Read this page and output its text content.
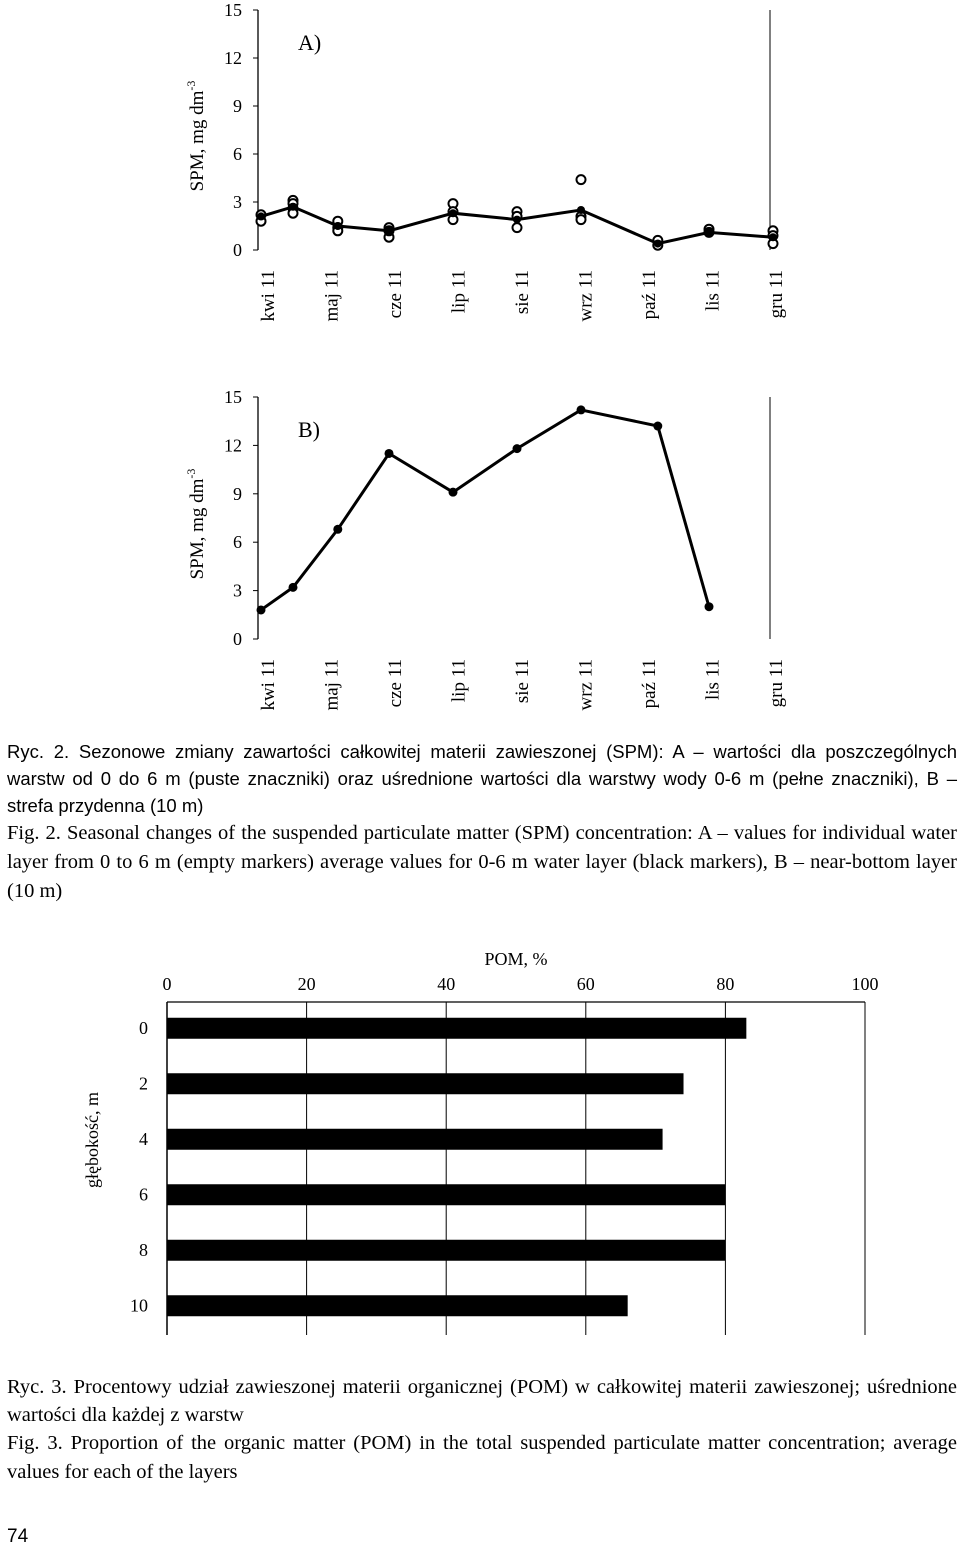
15
12
9
6
3
0
SPM, mg $dm^{-3}$
A)
kwi 11 maj 11 cze 11 lip 11 sie 11 wrz 11 paź 11 lis 11 gru 11
15
12
9
6
3
0
SPM, mg $dm^{-3}$
B)
kwi 11 maj 11 cze 11 lip 11 sie 11 wrz 11 paź 11 lis 11 gru 11

Ryc. 2. Sezonowe zmiany zawartości całkowitej materii zawieszonej (SPM): A – wartości dla poszczególnych warstw od 0 do 6 m (puste znaczniki) oraz uśrednione wartości dla warstwy wody 0-6 m (pełne znaczniki), B – strefa przydenna (10 m)

Fig. 2. Seasonal changes of the suspended particulate matter (SPM) concentration: A – values for individual water layer from 0 to 6 m (empty markers) average values for 0-6 m water layer (black markers), B – near-bottom layer (10 m)

0	20	40	60	80	100
POM, %
głębokość, m
0
2
4
6
8
10

Ryc. 3. Procentowy udział zawieszonej materii organicznej (POM) w całkowitej materii zawieszonej; uśrednione wartości dla każdej z warstw

Fig. 3. Proportion of the organic matter (POM) in the total suspended particulate matter concentration; average values for each of the layers

74
